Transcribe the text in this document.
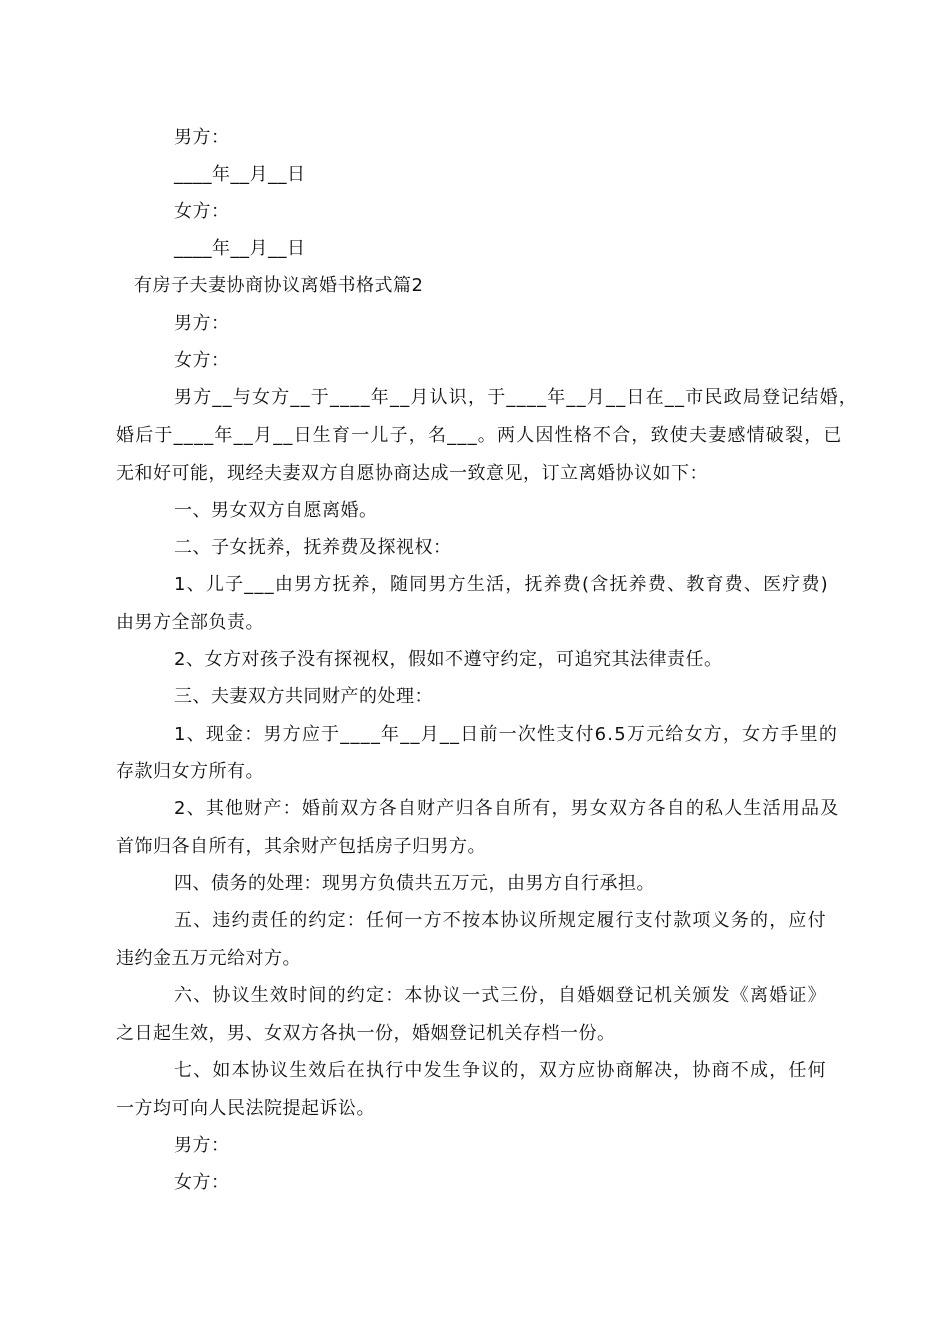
男方：
____年__月__日
女方：
____年__月__日
有房子夫妻协商协议离婚书格式篇2
男方：
女方：
男方__与女方__于____年__月认识，于____年__月__日在__市民政局登记结婚，
婚后于____年__月__日生育一儿子，名___。两人因性格不合，致使夫妻感情破裂，已
无和好可能，现经夫妻双方自愿协商达成一致意见，订立离婚协议如下：
一、男女双方自愿离婚。
二、子女抚养，抚养费及探视权：
1、儿子___由男方抚养，随同男方生活，抚养费(含抚养费、教育费、医疗费)
由男方全部负责。
2、女方对孩子没有探视权，假如不遵守约定，可追究其法律责任。
三、夫妻双方共同财产的处理：
1、现金：男方应于____年__月__日前一次性支付6.5万元给女方，女方手里的
存款归女方所有。
2、其他财产：婚前双方各自财产归各自所有，男女双方各自的私人生活用品及
首饰归各自所有，其余财产包括房子归男方。
四、债务的处理：现男方负债共五万元，由男方自行承担。
五、违约责任的约定：任何一方不按本协议所规定履行支付款项义务的，应付
违约金五万元给对方。
六、协议生效时间的约定：本协议一式三份，自婚姻登记机关颁发《离婚证》
之日起生效，男、女双方各执一份，婚姻登记机关存档一份。
七、如本协议生效后在执行中发生争议的，双方应协商解决，协商不成，任何
一方均可向人民法院提起诉讼。
男方：
女方：
